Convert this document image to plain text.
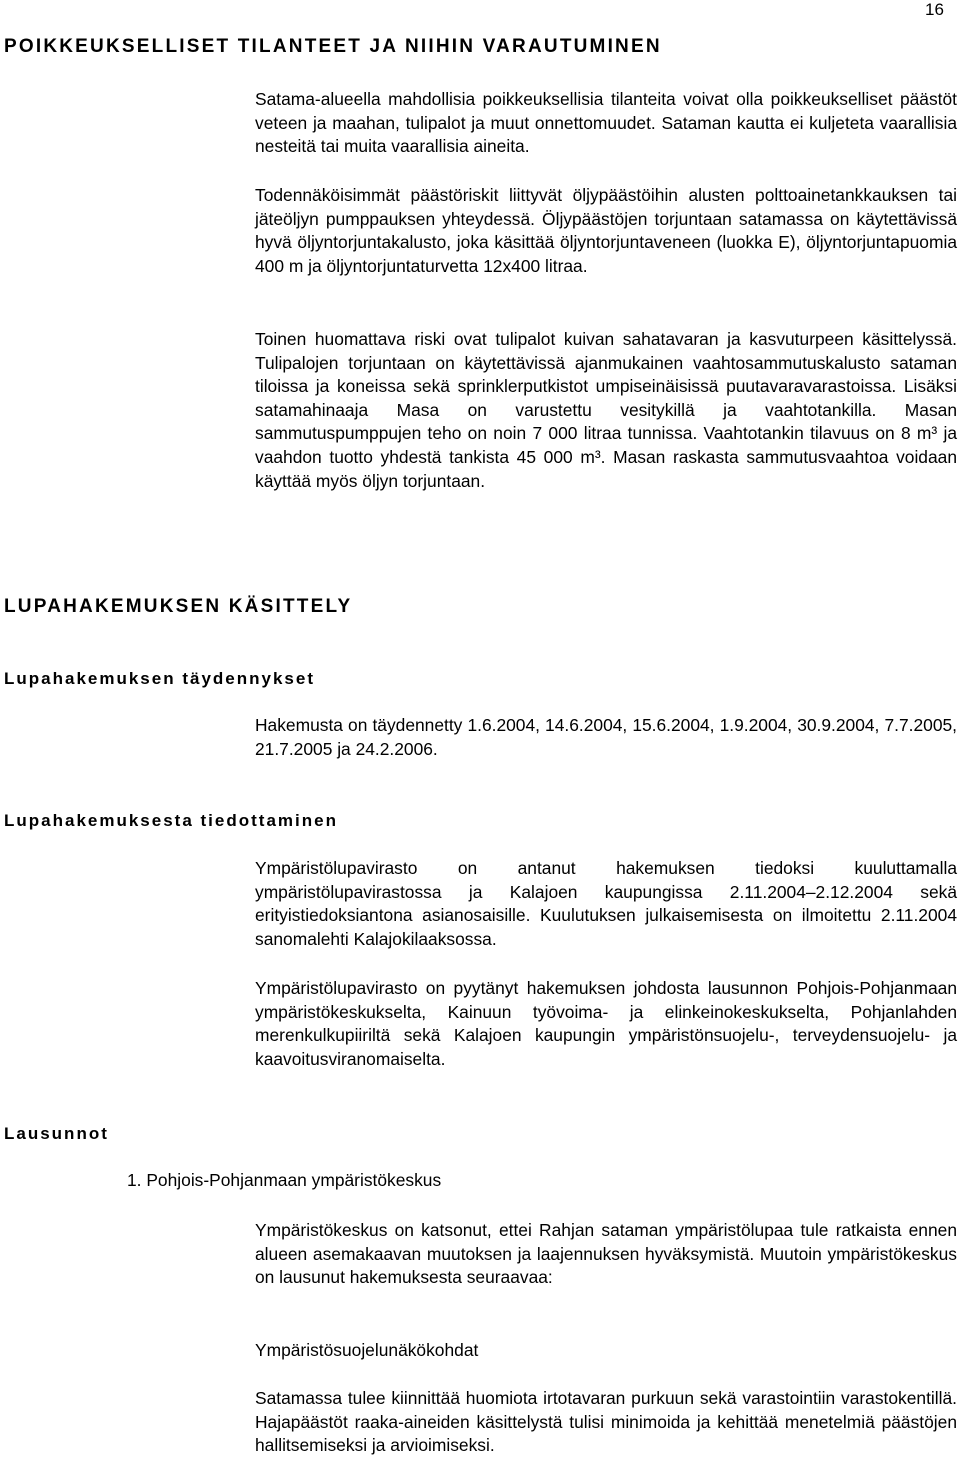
16
POIKKEUKSELLISET TILANTEET JA NIIHIN VARAUTUMINEN

Satama-alueella mahdollisia poikkeuksellisia tilanteita voivat olla poikkeukselliset päästöt veteen ja maahan, tulipalot ja muut onnettomuudet. Sataman kautta ei kuljeteta vaarallisia nesteitä tai muita vaarallisia aineita.

Todennäköisimmät päästöriskit liittyvät öljypäästöihin alusten polttoainetankkauksen tai jäteöljyn pumppauksen yhteydessä. Öljypäästöjen torjuntaan satamassa on käytettävissä hyvä öljyntorjuntakalusto, joka käsittää öljyntorjuntaveneen (luokka E), öljyntorjuntapuomia 400 m ja öljyntorjuntaturvetta 12x400 litraa.

Toinen huomattava riski ovat tulipalot kuivan sahatavaran ja kasvuturpeen käsittelyssä. Tulipalojen torjuntaan on käytettävissä ajanmukainen vaahtosammutuskalusto sataman tiloissa ja koneissa sekä sprinklerputkistot umpiseinäisissä puutavaravarastoissa. Lisäksi satamahinaaja Masa on varustettu vesitykillä ja vaahtotankilla. Masan sammutuspumppujen teho on noin 7 000 litraa tunnissa. Vaahtotankin tilavuus on 8 m³ ja vaahdon tuotto yhdestä tankista 45 000 m³. Masan raskasta sammutusvaahtoa voidaan käyttää myös öljyn torjuntaan.

LUPAHAKEMUKSEN KÄSITTELY
Lupahakemuksen täydennykset

Hakemusta on täydennetty 1.6.2004, 14.6.2004, 15.6.2004, 1.9.2004, 30.9.2004, 7.7.2005, 21.7.2005 ja 24.2.2006.

Lupahakemuksesta tiedottaminen

Ympäristölupavirasto on antanut hakemuksen tiedoksi kuuluttamalla ympäristölupavirastossa ja Kalajoen kaupungissa 2.11.2004–2.12.2004 sekä erityistiedoksiantona asianosaisille. Kuulutuksen julkaisemisesta on ilmoitettu 2.11.2004 sanomalehti Kalajokilaaksossa.

Ympäristölupavirasto on pyytänyt hakemuksen johdosta lausunnon Pohjois-Pohjanmaan ympäristökeskukselta, Kainuun työvoima- ja elinkeinokeskukselta, Pohjanlahden merenkulkupiiriltä sekä Kalajoen kaupungin ympäristönsuojelu-, terveydensuojelu- ja kaavoitusviranomaiselta.

Lausunnot

1. Pohjois-Pohjanmaan ympäristökeskus

Ympäristökeskus on katsonut, ettei Rahjan sataman ympäristölupaa tule ratkaista ennen alueen asemakaavan muutoksen ja laajennuksen hyväksymistä. Muutoin ympäristökeskus on lausunut hakemuksesta seuraavaa:

Ympäristösuojelunäkökohdat

Satamassa tulee kiinnittää huomiota irtotavaran purkuun sekä varastointiin varastokentillä. Hajapäästöt raaka-aineiden käsittelystä tulisi minimoida ja kehittää menetelmiä päästöjen hallitsemiseksi ja arvioimiseksi.
